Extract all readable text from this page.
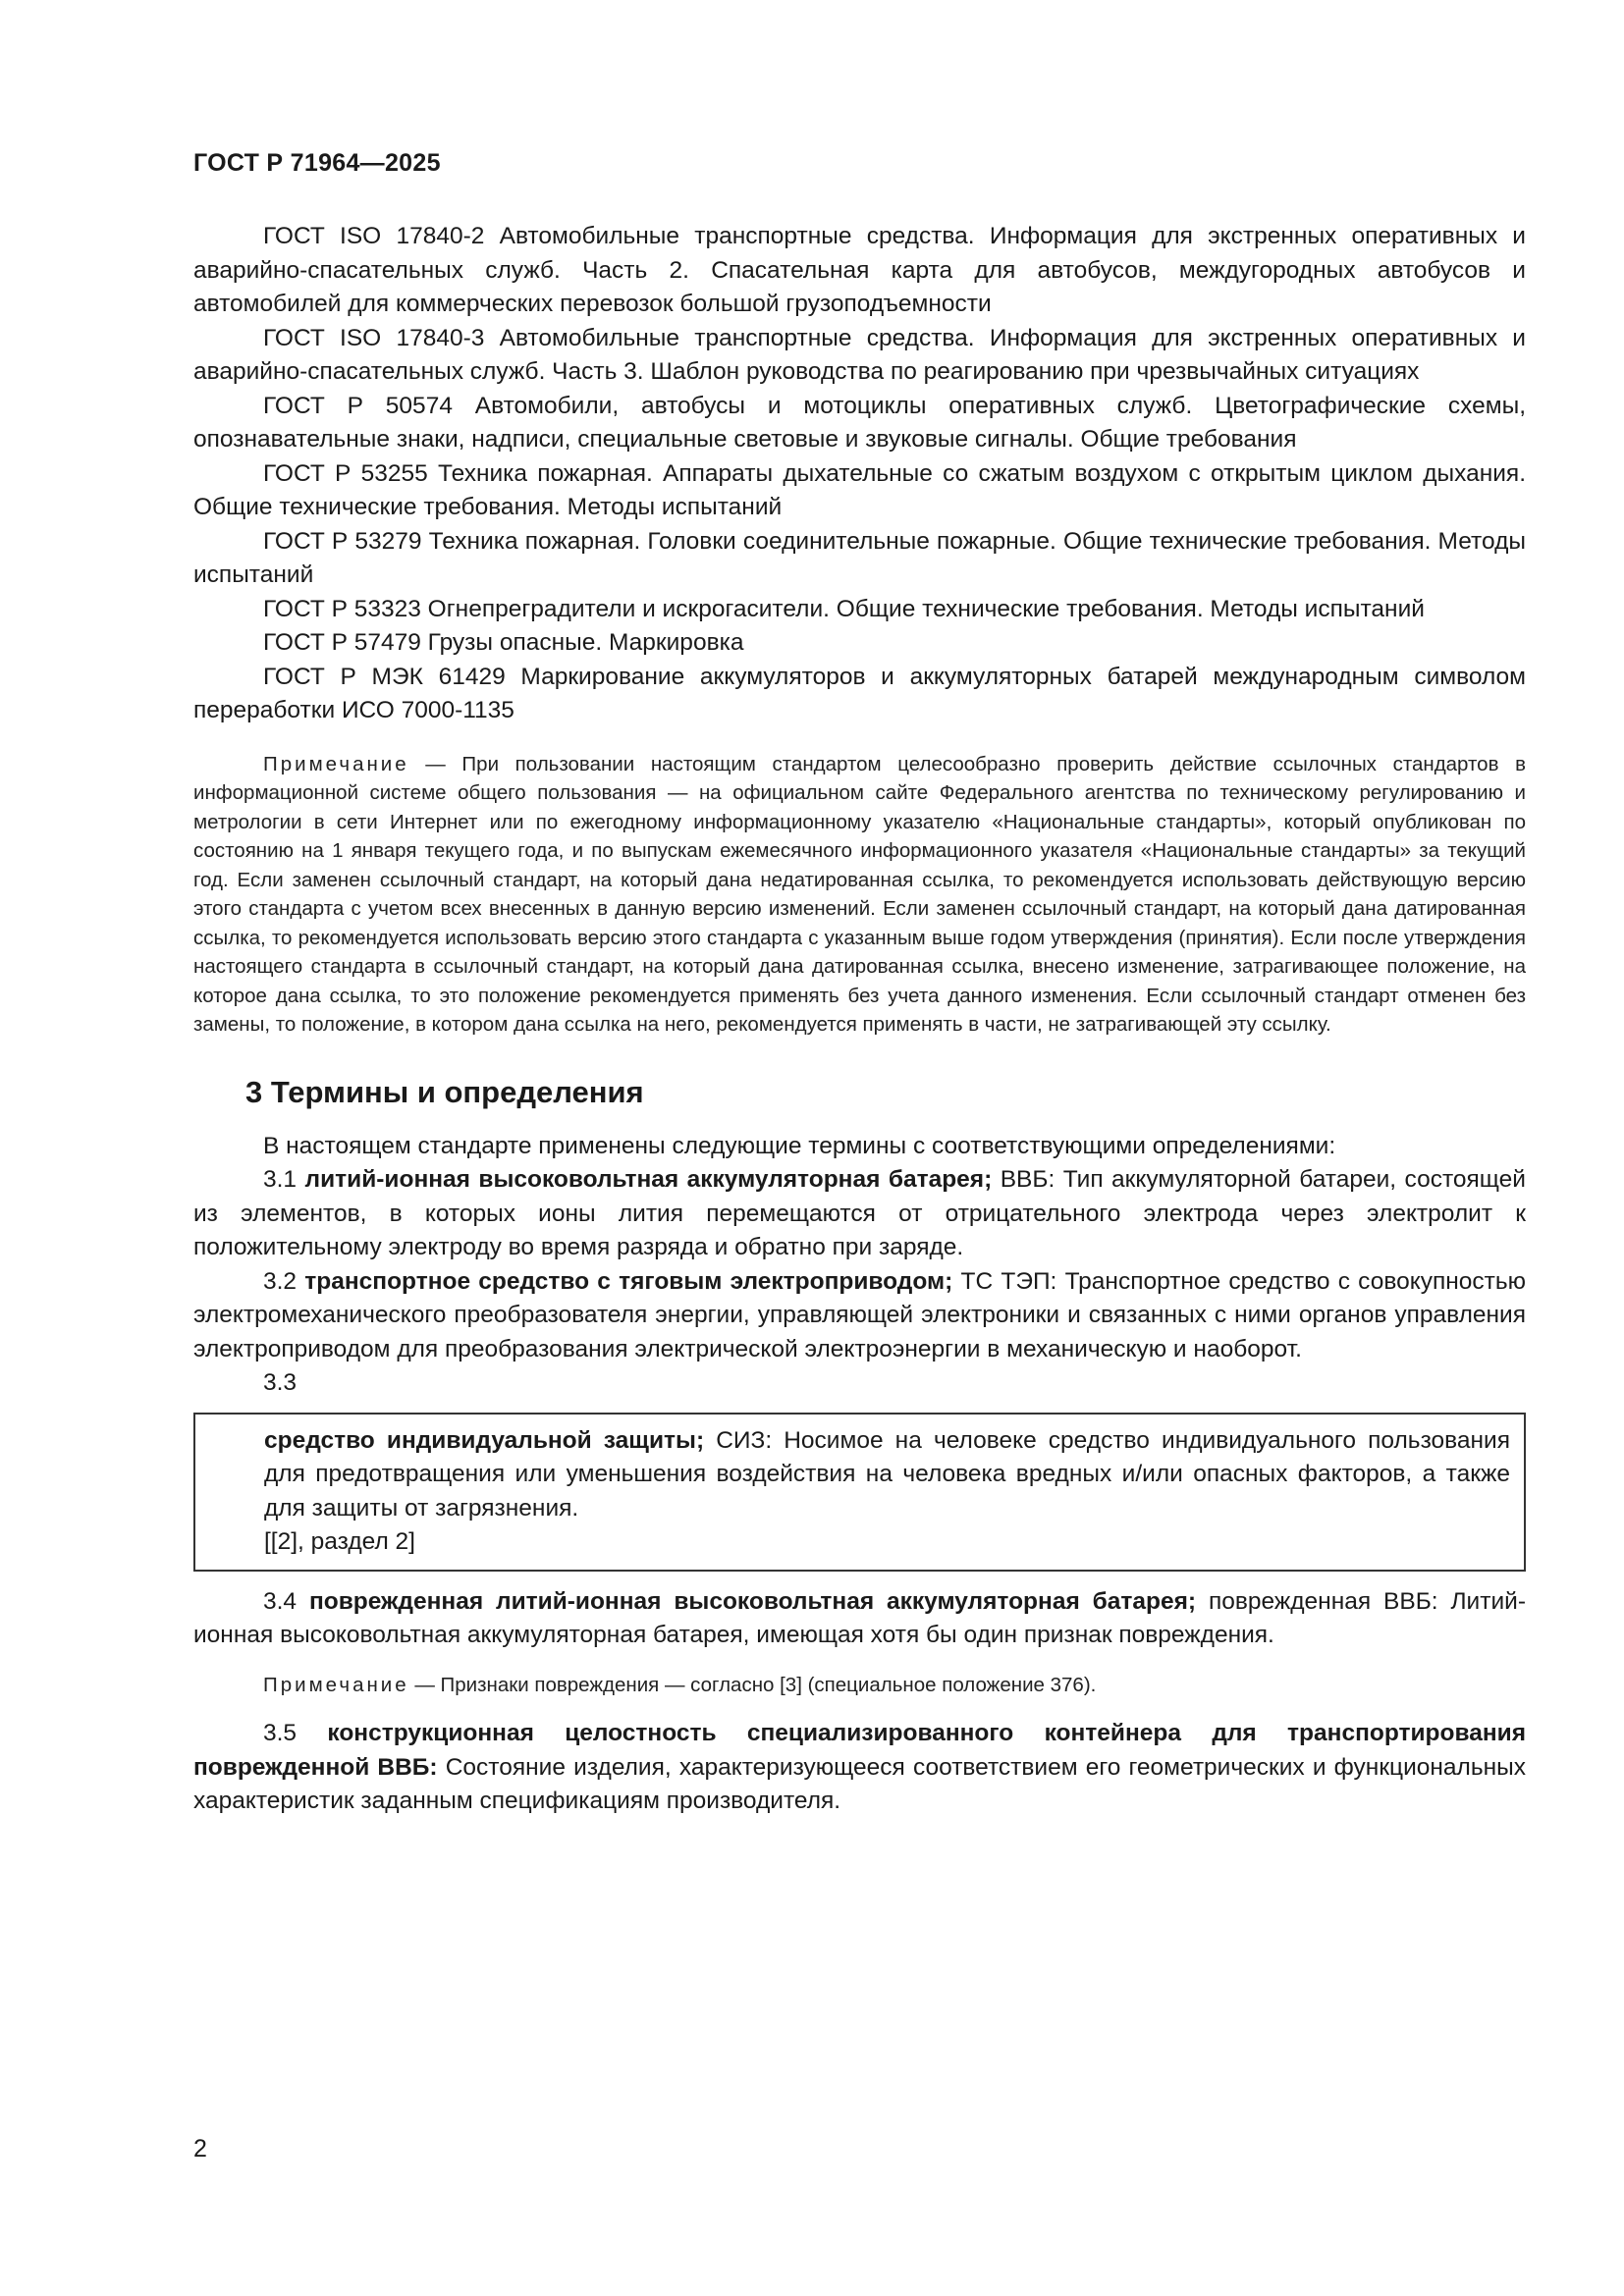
ГОСТ Р 71964—2025

ГОСТ ISO 17840-2 Автомобильные транспортные средства. Информация для экстренных оперативных и аварийно-спасательных служб. Часть 2. Спасательная карта для автобусов, междугородных автобусов и автомобилей для коммерческих перевозок большой грузоподъемности

ГОСТ ISO 17840-3 Автомобильные транспортные средства. Информация для экстренных оперативных и аварийно-спасательных служб. Часть 3. Шаблон руководства по реагированию при чрезвычайных ситуациях

ГОСТ Р 50574 Автомобили, автобусы и мотоциклы оперативных служб. Цветографические схемы, опознавательные знаки, надписи, специальные световые и звуковые сигналы. Общие требования

ГОСТ Р 53255 Техника пожарная. Аппараты дыхательные со сжатым воздухом с открытым циклом дыхания. Общие технические требования. Методы испытаний

ГОСТ Р 53279 Техника пожарная. Головки соединительные пожарные. Общие технические требования. Методы испытаний

ГОСТ Р 53323 Огнепреградители и искрогасители. Общие технические требования. Методы испытаний

ГОСТ Р 57479 Грузы опасные. Маркировка

ГОСТ Р МЭК 61429 Маркирование аккумуляторов и аккумуляторных батарей международным символом переработки ИСО 7000-1135

Примечание — При пользовании настоящим стандартом целесообразно проверить действие ссылочных стандартов в информационной системе общего пользования — на официальном сайте Федерального агентства по техническому регулированию и метрологии в сети Интернет или по ежегодному информационному указателю «Национальные стандарты», который опубликован по состоянию на 1 января текущего года, и по выпускам ежемесячного информационного указателя «Национальные стандарты» за текущий год. Если заменен ссылочный стандарт, на который дана недатированная ссылка, то рекомендуется использовать действующую версию этого стандарта с учетом всех внесенных в данную версию изменений. Если заменен ссылочный стандарт, на который дана датированная ссылка, то рекомендуется использовать версию этого стандарта с указанным выше годом утверждения (принятия). Если после утверждения настоящего стандарта в ссылочный стандарт, на который дана датированная ссылка, внесено изменение, затрагивающее положение, на которое дана ссылка, то это положение рекомендуется применять без учета данного изменения. Если ссылочный стандарт отменен без замены, то положение, в котором дана ссылка на него, рекомендуется применять в части, не затрагивающей эту ссылку.

3 Термины и определения

В настоящем стандарте применены следующие термины с соответствующими определениями:

3.1 литий-ионная высоковольтная аккумуляторная батарея; ВВБ: Тип аккумуляторной батареи, состоящей из элементов, в которых ионы лития перемещаются от отрицательного электрода через электролит к положительному электроду во время разряда и обратно при заряде.

3.2 транспортное средство с тяговым электроприводом; ТС ТЭП: Транспортное средство с совокупностью электромеханического преобразователя энергии, управляющей электроники и связанных с ними органов управления электроприводом для преобразования электрической электроэнергии в механическую и наоборот.

3.3

средство индивидуальной защиты; СИЗ: Носимое на человеке средство индивидуального пользования для предотвращения или уменьшения воздействия на человека вредных и/или опасных факторов, а также для защиты от загрязнения.

[[2], раздел 2]

3.4 поврежденная литий-ионная высоковольтная аккумуляторная батарея; поврежденная ВВБ: Литий-ионная высоковольтная аккумуляторная батарея, имеющая хотя бы один признак повреждения.

Примечание — Признаки повреждения — согласно [3] (специальное положение 376).

3.5 конструкционная целостность специализированного контейнера для транспортирования поврежденной ВВБ: Состояние изделия, характеризующееся соответствием его геометрических и функциональных характеристик заданным спецификациям производителя.

2
